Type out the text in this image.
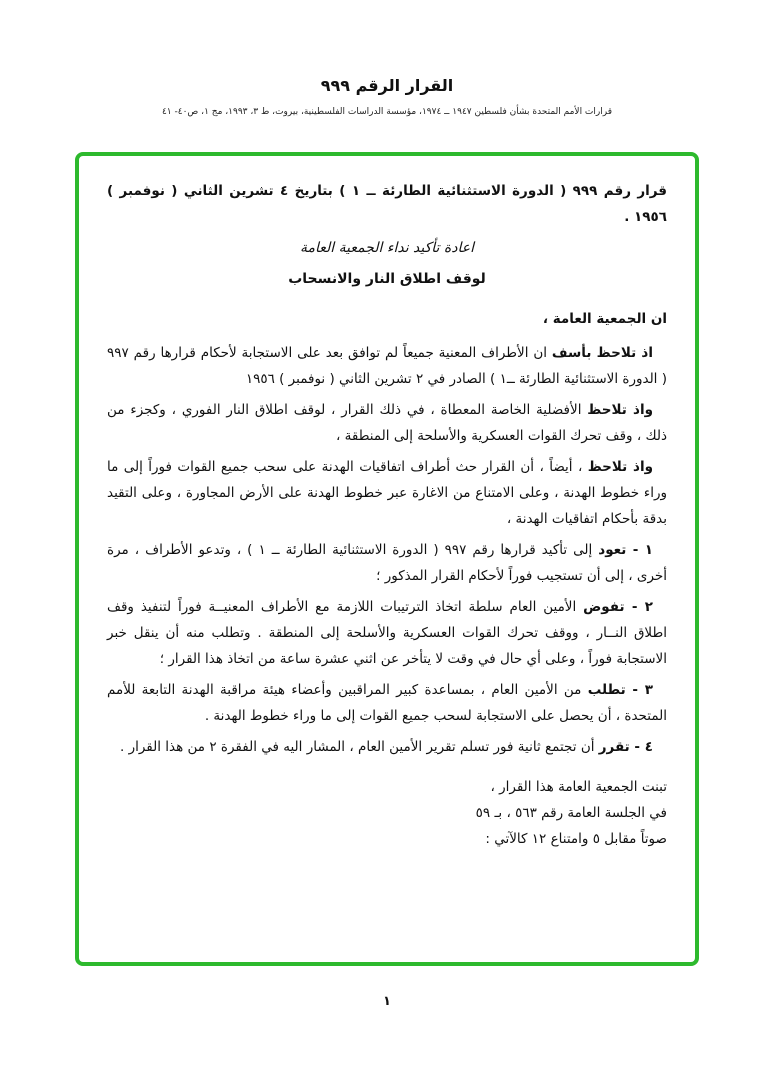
القرار الرقم ٩٩٩
قرارات الأمم المتحدة بشأن فلسطين ١٩٤٧ ــ ١٩٧٤، مؤسسة الدراسات الفلسطينية، بيروت، ط ٣، ١٩٩٣، مج ١، ص٤٠- ٤١

قرار رقم ٩٩٩ ( الدورة الاستثنائية الطارئة ــ ١ ) بتاريخ ٤ تشرين الثاني ( نوفمبر ) ١٩٥٦ .

اعادة تأكيد نداء الجمعية العامة

لوقف اطلاق النار والانسحاب

ان الجمعية العامة ،

اذ تلاحظ بأسف ان الأطراف المعنية جميعاً لم توافق بعد على الاستجابة لأحكام قرارها رقم ٩٩٧ ( الدورة الاستثنائية الطارئة ــ١ ) الصادر في ٢ تشرين الثاني ( نوفمبر ) ١٩٥٦

واذ تلاحظ الأفضلية الخاصة المعطاة ، في ذلك القرار ، لوقف اطلاق النار الفوري ، وكجزء من ذلك ، وقف تحرك القوات العسكرية والأسلحة إلى المنطقة ،

واذ تلاحظ ، أيضاً ، أن القرار حث أطراف اتفاقيات الهدنة على سحب جميع القوات فوراً إلى ما وراء خطوط الهدنة ، وعلى الامتناع من الاغارة عبر خطوط الهدنة على الأرض المجاورة ، وعلى التقيد بدقة بأحكام اتفاقيات الهدنة ،

١ - تعود إلى تأكيد قرارها رقم ٩٩٧ ( الدورة الاستثنائية الطارئة ــ ١ ) ، وتدعو الأطراف ، مرة أخرى ، إلى أن تستجيب فوراً لأحكام القرار المذكور ؛

٢ - تفوض الأمين العام سلطة اتخاذ الترتيبات اللازمة مع الأطراف المعنيــة فوراً لتنفيذ وقف اطلاق النــار ، ووقف تحرك القوات العسكرية والأسلحة إلى المنطقة . وتطلب منه أن ينقل خبر الاستجابة فوراً ، وعلى أي حال في وقت لا يتأخر عن اثني عشرة ساعة من اتخاذ هذا القرار ؛

٣ - تطلب من الأمين العام ، بمساعدة كبير المراقبين وأعضاء هيئة مراقبة الهدنة التابعة للأمم المتحدة ، أن يحصل على الاستجابة لسحب جميع القوات إلى ما وراء خطوط الهدنة .

٤ - تقرر أن تجتمع ثانية فور تسلم تقرير الأمين العام ، المشار اليه في الفقرة ٢ من هذا القرار .

تبنت الجمعية العامة هذا القرار ،

في الجلسة العامة رقم ٥٦٣ ، بـ ٥٩

صوتاً مقابل ٥ وامتناع ١٢ كالآتي :

١
